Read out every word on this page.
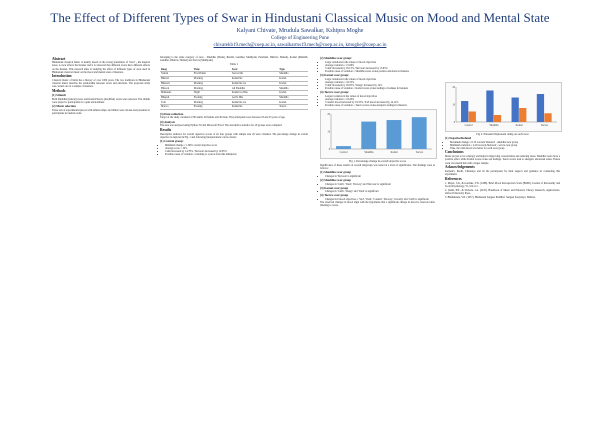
The Effect of Different Types of Swar in Hindustani Classical Music on Mood and Mental State
Kalyani Chivate, Mrudula Sawalkar, Kshipra Moghe
College of Engineering Pune
chivatekb19.mech@coep.ac.in, sawalkarms19.mech@coep.ac.in, kmoghe@coep.ac.in
Abstract

Hindustani classical music is mainly based on the strong foundation of 'Swar' - the musical notes. A swar affects the listener and it is observed that different swars have different effects on the listener. This research aims at studying the effect of different types of swar used in Hindustani classical music on the mood and mental state of listeners.

Introduction

Classical music of India has a history of over 1000 years. The two traditions in Hindustani classical music describe the relationship between swars and emotions. The proposed study was carried out on a sample of listeners.

Methods
(1) Stimuli

Both Shuddha (natural) swars and Komal/Teevra (modified) swars were selected. The stimuli were played to participants in a quiet environment.

(2) Music selection

Three sets of experimental pieces with similar tempo and timbre were chosen and presented to participants in random order.

belonging to the same category of swar - Shuddha (Shadaj, Risabh, Gandhar, Madhyam, Pancham, Dhaivat, Nishad), Komal (Rishabh, Gandhar, Dhaivat, Nishad) and Teevra (Madhyam).

Table 1
Raag	Time	Swar	Type
Yaman	First Prahar	Teevra Ma	Shuddha
Bhairav	Morning	Komal Re	Komal
Bhairavi	Morning	Komal Re Ga	Komal
Bilawal	Morning	All Shuddha	Shuddha
Malkauns	Night	Komal Ga Dha	Komal
Bhupali	Evening	Ga Pa Dha	Shuddha
Todi	Morning	Komal Re Ga	Komal
Marwa	Evening	Komal Re	Teevra
(3) Data collection

Target of the study consisted of 80 adults: 40 female and 40 male. The participants were between 18 and 25 years of age.

(4) Analysis

The data was analyzed using Python 3.6 and Microsoft Excel. The descriptive statistics for all groups were computed.

Results

Descriptive statistics for overall objective scores of all four groups with sample size 20 were obtained. The percentage change in overall objective is depicted in Fig. 1 and following interpretations can be drawn:

(1) Control group:
• Minimum change = 1.66% overall objective score
• Average score = 19%
• Calm increased by 14.78%, 'Nervous' decreased by 10.85%
• Possible cause of variation = listening to a piece from this dimension
(2) Shuddha swar group:
• Large variations in the values of mood objectives
• Average variation = 15.66%
• 'Calm' increased by 18.13%, 'Nervous' decreased by 13.65%
• Possible cause of variation = Shuddha swars evoke positive emotions in listeners
(3) Komal swar group:
• Large variations in the values of mood objectives
• Average variation = 16.55%
• 'Calm' increased by 18.03%, 'Sleepy' increased by 14%
• Possible cause of variation = Komal swars evoke feelings of sadness in listeners
(4) Teevra swar group:
• Largest variation in the values of mood objectives
• Average variation = 18.20%
• 'Content' mood increased by 18.32%, 'Sad' mood decreased by 14.12%
• Possible cause of variation = Teevra swars evoke energetic feelings in listeners
0
10
20
Control	Shuddha	Komal	Teevra
Fig 1. Percentage change in overall objective score

Significance of these results on overall subgroups was tested at a level of significance. The findings were as follows:

(1) Shuddha swar group
• Changes in 'Nervous' is significant
(2) Shuddha swar group
• Changes in 'Calm', 'Tired', 'Drowsy' and 'Nervous' is significant
(3) Komal swar group
• Changes in 'Calm', 'Sleepy' and 'Tired' is significant
(4) Teevra swar group
• Changes in 6 mood objectives = 'Sad', 'Tired', 'Content', 'Drowsy', 'Gloomy' and 'Calm' is significant

The observed changes in mood align with the hypothesis that a significant change in mood is observed after listening to swars.

0
10
20
Control	Shuddha	Komal	Teevra
Fig 2. Pleasant/Unpleasant rating on each swar
(1) Negative/Related
• Maximum change = 8.13 towards 'Relaxed' - shuddha swar group
• Minimum variation = 4.29 towards 'Relaxed' - teevra swar group
• Thus, the calm mood was better for each swar group
Conclusions

Music proves to be a therapy and helps in improving concentration and reducing stress. Shuddha swars have a positive effect while Komal swars evoke sad feelings. Teevra swars lead to energetic emotional states. Future work can extend this with a larger sample.

Acknowledgements

Kalyani's, Ruchi, Chaitanya and all the participants for their support and guidance in conducting this experiment.

References

1. Mayer, J.D., & Gaschke, Y.N. (1988). Brief Mood Introspection Scale (BMIS). Journal of Personality and Social Psychology, 55, 102-111.

2. Juslin, P.N., & Sloboda, J.A. (2010). Handbook of Music and Emotion: Theory, Research, Applications. Oxford University Press.

3. Bhatkhande, V.N. (1957). Hindustani Sangeet Paddhati. Sangeet Karyalaya, Hathras.
